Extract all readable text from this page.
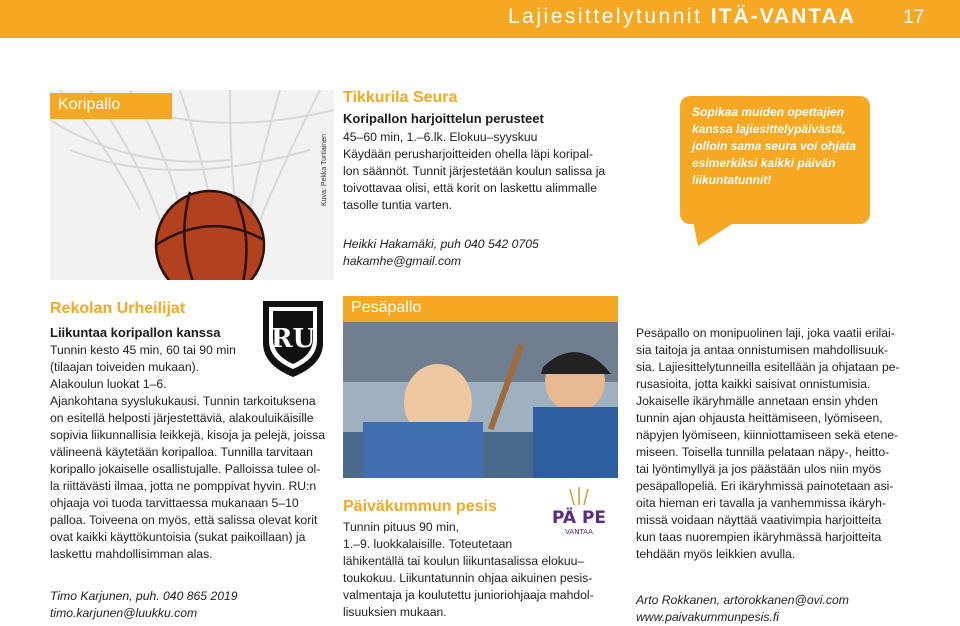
Lajiesittelytunnit ITÄ-VANTAA 17
Koripallo
Kuva: Pekka Turtiainen
Tikkurila Seura
Koripallon harjoittelun perusteet
45–60 min, 1.–6.lk. Elokuu–syyskuu
Käydään perusharjoitteiden ohella läpi koripal-
lon säännöt. Tunnit järjestetään koulun salissa ja
toivottavaa olisi, että korit on laskettu alimmalle
tasolle tuntia varten.
Heikki Hakamäki, puh 040 542 0705
hakamhe@gmail.com
Sopikaa muiden opettajien
kanssa lajiesittelypäivästä,
jolloin sama seura voi ohjata
esimerkiksi kaikki päivän
liikuntatunnit!
Rekolan Urheilijat
RU
Liikuntaa koripallon kanssa
Tunnin kesto 45 min, 60 tai 90 min
(tilaajan toiveiden mukaan).
Alakoulun luokat 1–6.
Ajankohtana syyslukukausi. Tunnin tarkoituksena
on esitellä helposti järjestettäviä, alakouluikäisille
sopivia liikunnallisia leikkejä, kisoja ja pelejä, joissa
välineenä käytetään koripalloa. Tunnilla tarvitaan
koripallo jokaiselle osallistujalle. Palloissa tulee ol-
la riittävästi ilmaa, jotta ne pomppivat hyvin. RU:n
ohjaaja voi tuoda tarvittaessa mukanaan 5–10
palloa. Toiveena on myös, että salissa olevat korit
ovat kaikki käyttökuntoisia (sukat paikoillaan) ja
laskettu mahdollisimman alas.
Timo Karjunen, puh. 040 865 2019
timo.karjunen@luukku.com
Pesäpallo
Päiväkummun pesis
PÄ PE
VANTAA
Tunnin pituus 90 min,
1.–9. luokkalaisille. Toteutetaan
lähikentällä tai koulun liikuntasalissa elokuu–
toukokuu. Liikuntatunnin ohjaa aikuinen pesis-
valmentaja ja koulutettu junioriohjaaja mahdol-
lisuuksien mukaan.
Pesäpallo on monipuolinen laji, joka vaatii erilai-
sia taitoja ja antaa onnistumisen mahdollisuuk-
sia. Lajiesittelytunneilla esitellään ja ohjataan pe-
rusasioita, jotta kaikki saisivat onnistumisia.
Jokaiselle ikäryhmälle annetaan ensin yhden
tunnin ajan ohjausta heittämiseen, lyömiseen,
näpyjen lyömiseen, kiinniottamiseen sekä etene-
miseen. Toisella tunnilla pelataan näpy-, heitto-
tai lyöntimyllyä ja jos päästään ulos niin myös
pesäpallopeliä. Eri ikäryhmissä painotetaan asi-
oita hieman eri tavalla ja vanhemmissa ikäryh-
missä voidaan näyttää vaativimpia harjoitteita
kun taas nuorempien ikäryhmässä harjoitteita
tehdään myös leikkien avulla.
Arto Rokkanen, artorokkanen@ovi.com
www.paivakummunpesis.fi
